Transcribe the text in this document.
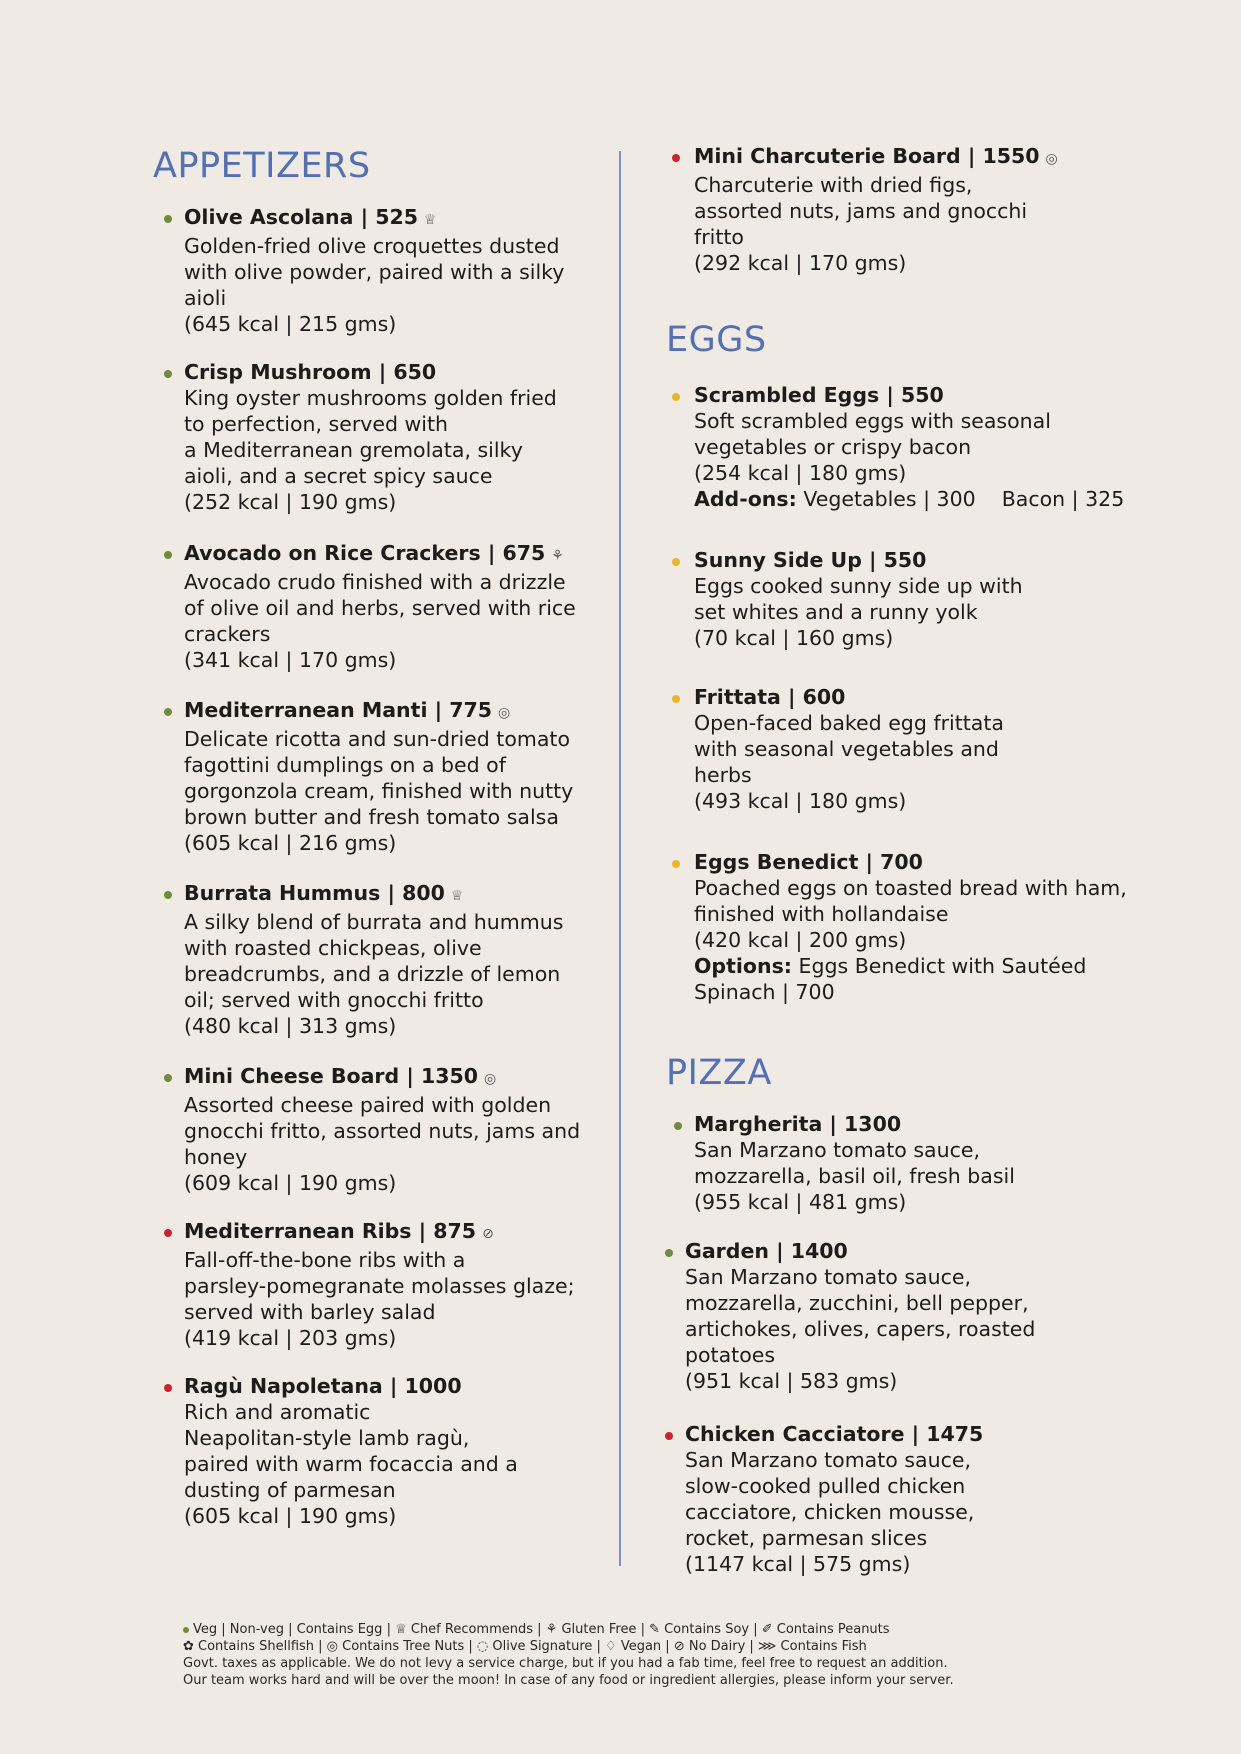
APPETIZERS
Olive Ascolana | 525 ♕
Golden-fried olive croquettes dusted
with olive powder, paired with a silky
aioli
(645 kcal | 215 gms)
Crisp Mushroom | 650
King oyster mushrooms golden fried
to perfection, served with
a Mediterranean gremolata, silky
aioli, and a secret spicy sauce
(252 kcal | 190 gms)
Avocado on Rice Crackers | 675 ⚘
Avocado crudo finished with a drizzle
of olive oil and herbs, served with rice
crackers
(341 kcal | 170 gms)
Mediterranean Manti | 775 ◎
Delicate ricotta and sun-dried tomato
fagottini dumplings on a bed of
gorgonzola cream, finished with nutty
brown butter and fresh tomato salsa
(605 kcal | 216 gms)
Burrata Hummus | 800 ♕
A silky blend of burrata and hummus
with roasted chickpeas, olive
breadcrumbs, and a drizzle of lemon
oil; served with gnocchi fritto
(480 kcal | 313 gms)
Mini Cheese Board | 1350 ◎
Assorted cheese paired with golden
gnocchi fritto, assorted nuts, jams and
honey
(609 kcal | 190 gms)
Mediterranean Ribs | 875 ⊘
Fall-off-the-bone ribs with a
parsley-pomegranate molasses glaze;
served with barley salad
(419 kcal | 203 gms)
Ragù Napoletana | 1000
Rich and aromatic
Neapolitan-style lamb ragù,
paired with warm focaccia and a
dusting of parmesan
(605 kcal | 190 gms)
Mini Charcuterie Board | 1550 ◎
Charcuterie with dried figs,
assorted nuts, jams and gnocchi
fritto
(292 kcal | 170 gms)
EGGS
Scrambled Eggs | 550
Soft scrambled eggs with seasonal
vegetables or crispy bacon
(254 kcal | 180 gms)
Add-ons: Vegetables | 300    Bacon | 325
Sunny Side Up | 550
Eggs cooked sunny side up with
set whites and a runny yolk
(70 kcal | 160 gms)
Frittata | 600
Open-faced baked egg frittata
with seasonal vegetables and
herbs
(493 kcal | 180 gms)
Eggs Benedict | 700
Poached eggs on toasted bread with ham,
finished with hollandaise
(420 kcal | 200 gms)
Options: Eggs Benedict with Sautéed
Spinach | 700
PIZZA
Margherita | 1300
San Marzano tomato sauce,
mozzarella, basil oil, fresh basil
(955 kcal | 481 gms)
Garden | 1400
San Marzano tomato sauce,
mozzarella, zucchini, bell pepper,
artichokes, olives, capers, roasted
potatoes
(951 kcal | 583 gms)
Chicken Cacciatore | 1475
San Marzano tomato sauce,
slow-cooked pulled chicken
cacciatore, chicken mousse,
rocket, parmesan slices
(1147 kcal | 575 gms)
Veg | Non-veg | Contains Egg | ♕ Chef Recommends | ⚘ Gluten Free | ✎ Contains Soy | ✐ Contains Peanuts
✿ Contains Shellfish | ◎ Contains Tree Nuts | ◌ Olive Signature | ♢ Vegan | ⊘ No Dairy | ⋙ Contains Fish
Govt. taxes as applicable. We do not levy a service charge, but if you had a fab time, feel free to request an addition.
Our team works hard and will be over the moon! In case of any food or ingredient allergies, please inform your server.
